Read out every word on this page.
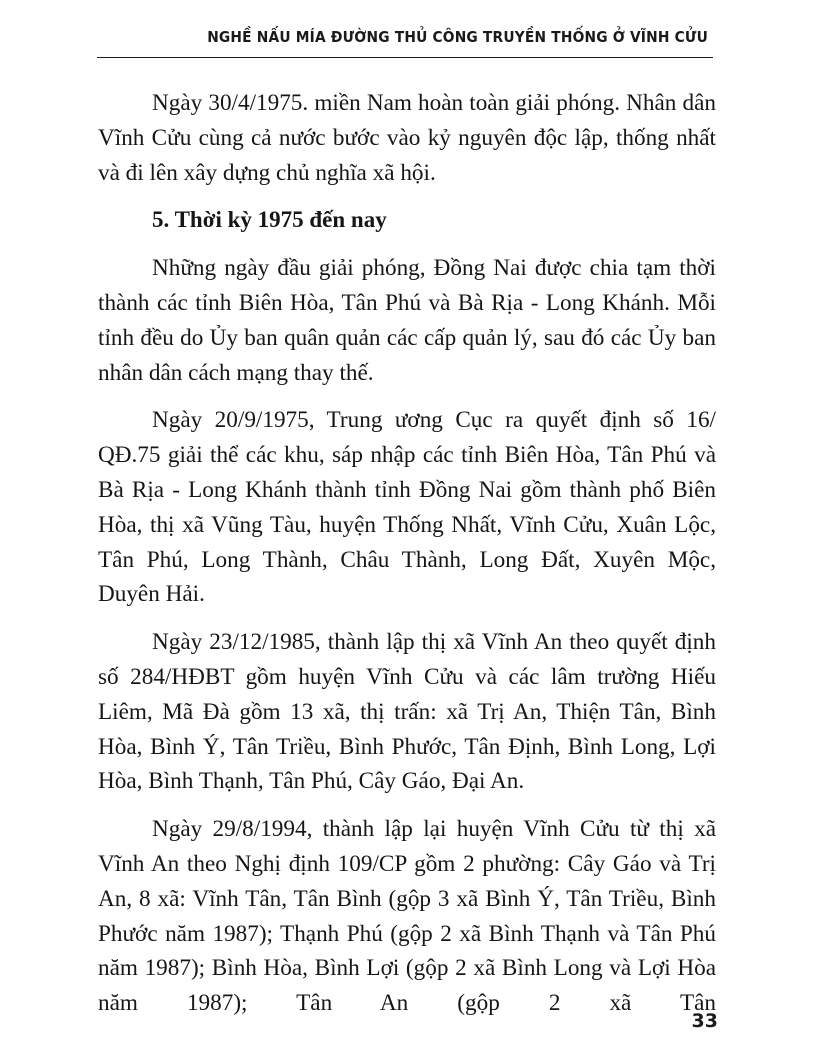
NGHỀ NẤU MÍA ĐƯỜNG THỦ CÔNG TRUYỀN THỐNG Ở VĨNH CỬU

Ngày 30/4/1975. miền Nam hoàn toàn giải phóng. Nhân dân Vĩnh Cửu cùng cả nước bước vào kỷ nguyên độc lập, thống nhất và đi lên xây dựng chủ nghĩa xã hội.

5. Thời kỳ 1975 đến nay

Những ngày đầu giải phóng, Đồng Nai được chia tạm thời thành các tỉnh Biên Hòa, Tân Phú và Bà Rịa - Long Khánh. Mỗi tỉnh đều do Ủy ban quân quản các cấp quản lý, sau đó các Ủy ban nhân dân cách mạng thay thế.

Ngày 20/9/1975, Trung ương Cục ra quyết định số 16/ QĐ.75 giải thể các khu, sáp nhập các tỉnh Biên Hòa, Tân Phú và Bà Rịa - Long Khánh thành tỉnh Đồng Nai gồm thành phố Biên Hòa, thị xã Vũng Tàu, huyện Thống Nhất, Vĩnh Cửu, Xuân Lộc, Tân Phú, Long Thành, Châu Thành, Long Đất, Xuyên Mộc, Duyên Hải.

Ngày 23/12/1985, thành lập thị xã Vĩnh An theo quyết định số 284/HĐBT gồm huyện Vĩnh Cửu và các lâm trường Hiếu Liêm, Mã Đà gồm 13 xã, thị trấn: xã Trị An, Thiện Tân, Bình Hòa, Bình Ý, Tân Triều, Bình Phước, Tân Định, Bình Long, Lợi Hòa, Bình Thạnh, Tân Phú, Cây Gáo, Đại An.

Ngày 29/8/1994, thành lập lại huyện Vĩnh Cửu từ thị xã Vĩnh An theo Nghị định 109/CP gồm 2 phường: Cây Gáo và Trị An, 8 xã: Vĩnh Tân, Tân Bình (gộp 3 xã Bình Ý, Tân Triều, Bình Phước năm 1987); Thạnh Phú (gộp 2 xã Bình Thạnh và Tân Phú năm 1987); Bình Hòa, Bình Lợi (gộp 2 xã Bình Long và Lợi Hòa năm 1987); Tân An (gộp 2 xã Tân

33
